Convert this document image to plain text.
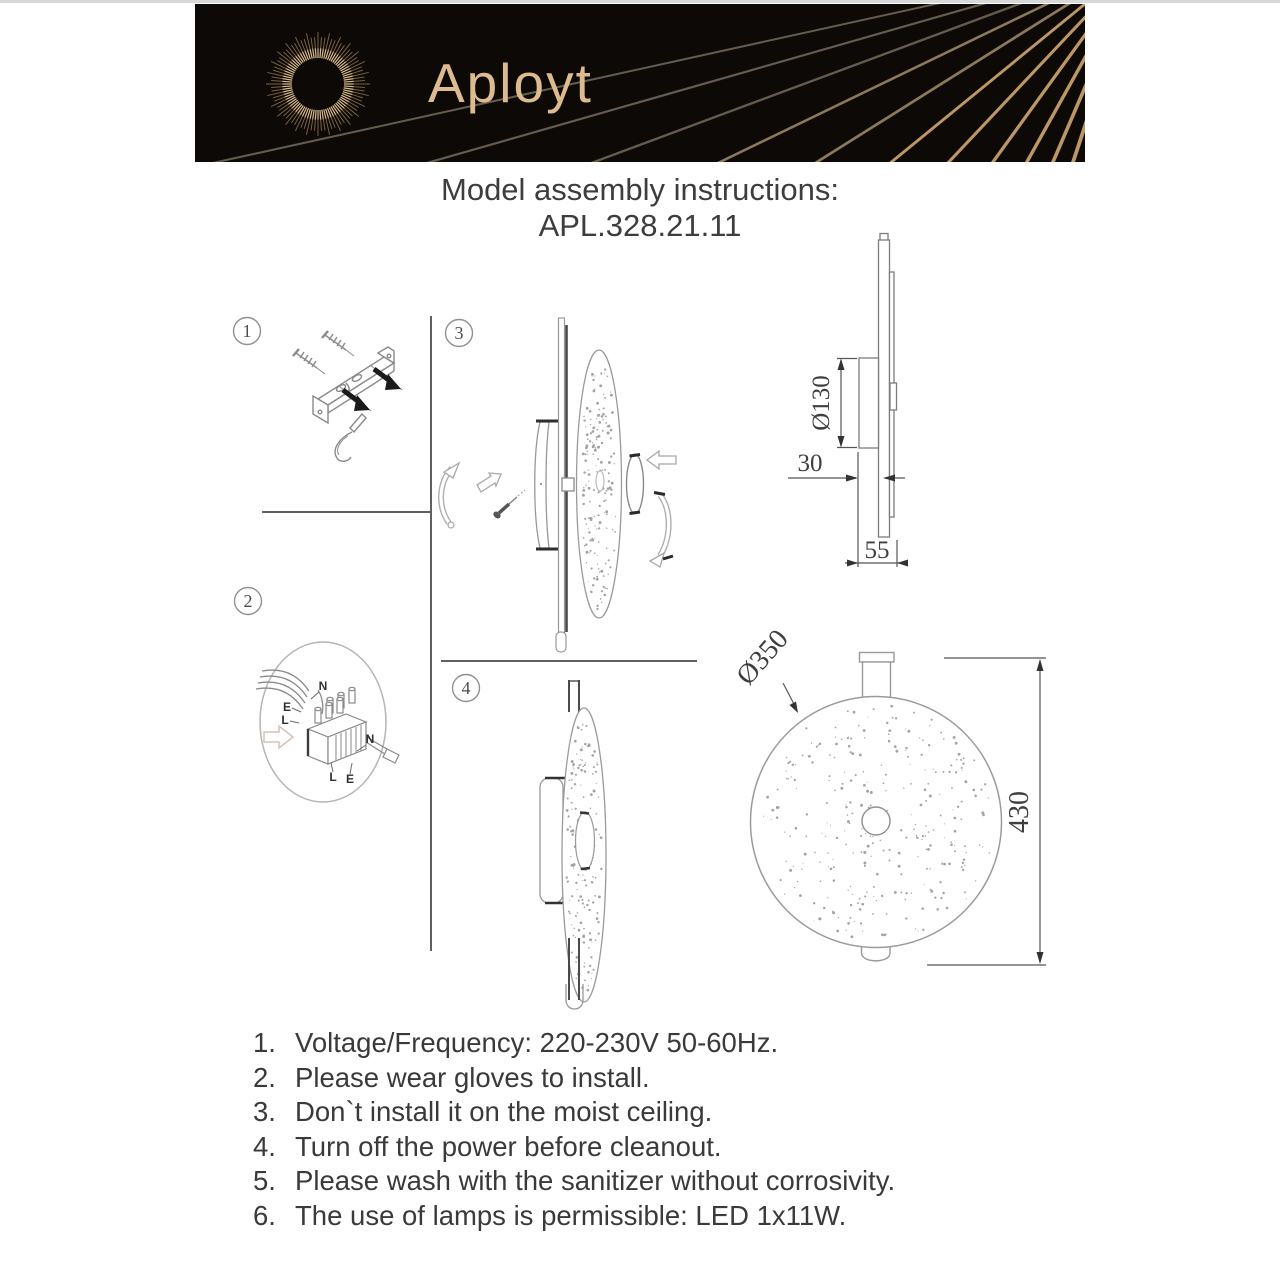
Aployt
Model assembly instructions:
APL.328.21.11
1
2
3
4
N
E
L
N
L E
Ø130
30
55
Ø350
430
1. Voltage/Frequency: 220-230V 50-60Hz.
2. Please wear gloves to install.
3. Don`t install it on the moist ceiling.
4. Turn off the power before cleanout.
5. Please wash with the sanitizer without corrosivity.
6. The use of lamps is permissible: LED 1x11W.
